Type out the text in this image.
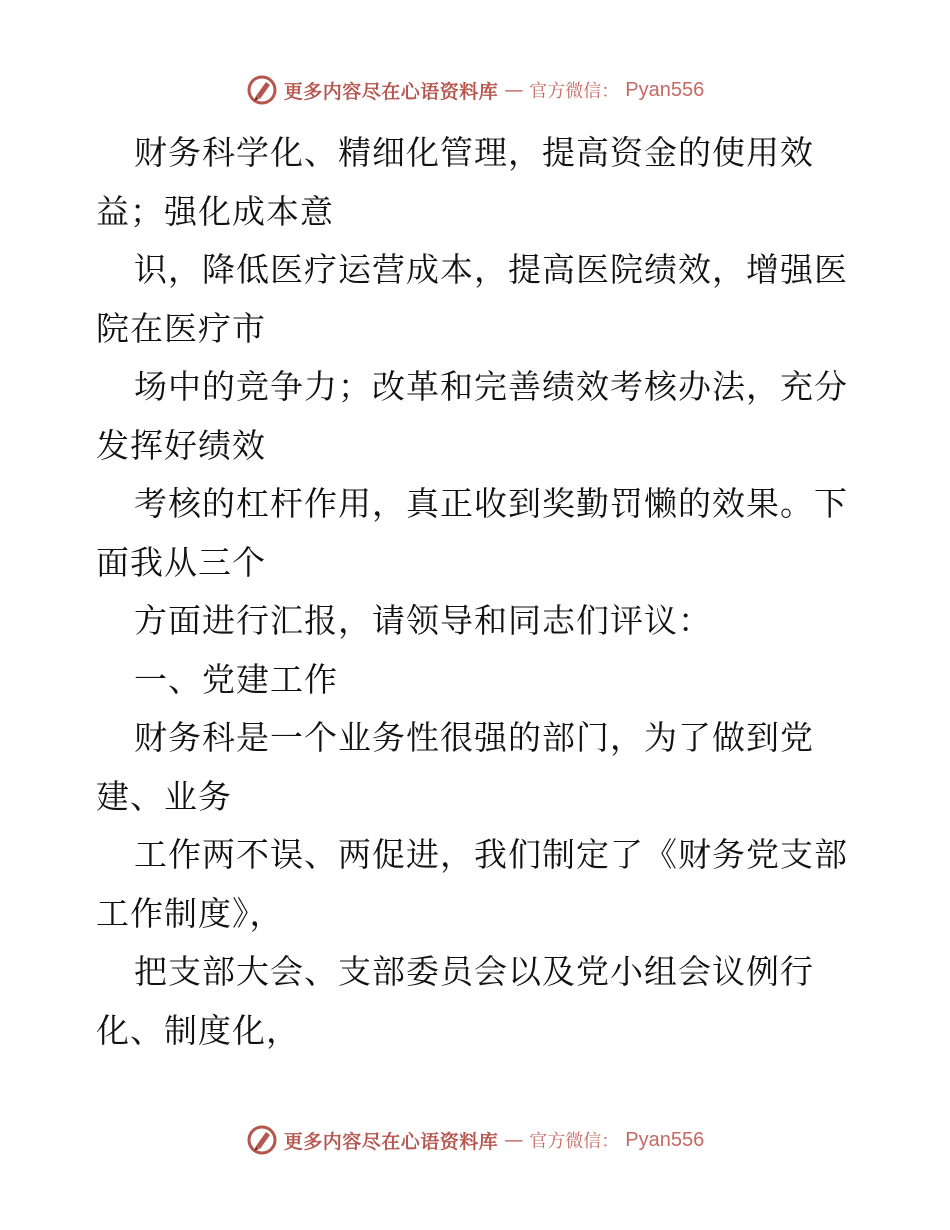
更多内容尽在心语资料库 — 官方微信： Pyan556

财务科学化、精细化管理，提高资金的使用效
益；强化成本意

识，降低医疗运营成本，提高医院绩效，增强医
院在医疗市

场中的竞争力；改革和完善绩效考核办法，充分
发挥好绩效

考核的杠杆作用，真正收到奖勤罚懒的效果。下
面我从三个

方面进行汇报，请领导和同志们评议：

一、党建工作

财务科是一个业务性很强的部门，为了做到党
建、业务

工作两不误、两促进，我们制定了《财务党支部
工作制度》，

把支部大会、支部委员会以及党小组会议例行
化、制度化，

更多内容尽在心语资料库 — 官方微信： Pyan556
